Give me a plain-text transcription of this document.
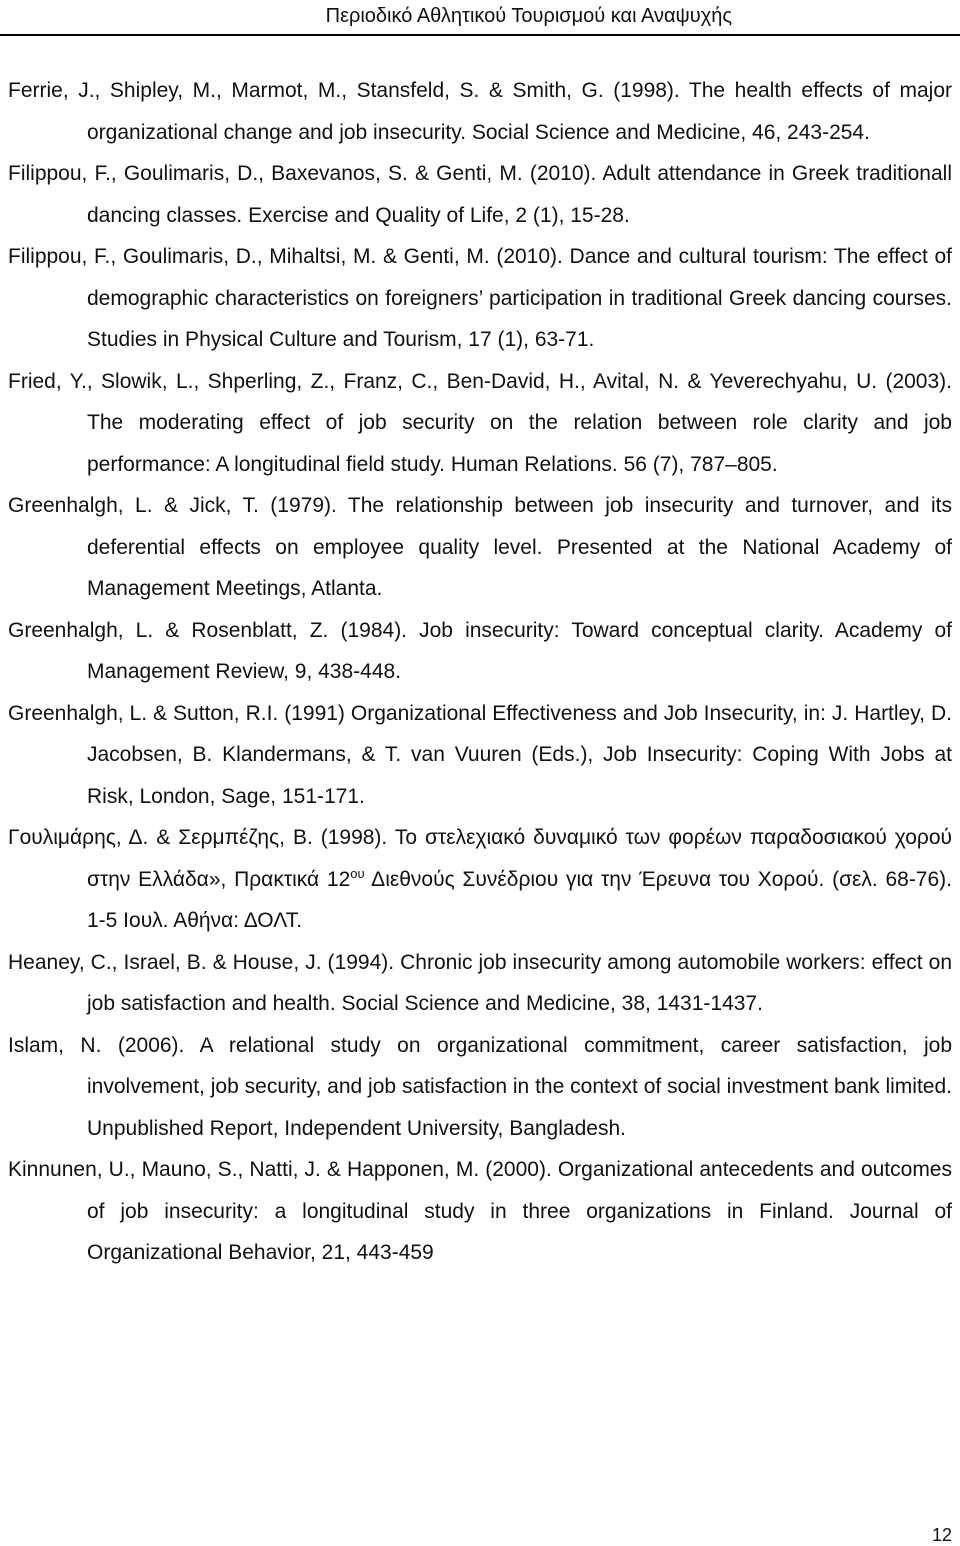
Περιοδικό Αθλητικού Τουρισμού και Αναψυχής
Ferrie, J., Shipley, M., Marmot, M., Stansfeld, S. & Smith, G. (1998). The health effects of major organizational change and job insecurity. Social Science and Medicine, 46, 243-254.
Filippou, F., Goulimaris, D., Baxevanos, S. & Genti, M. (2010). Adult attendance in Greek traditionall dancing classes. Exercise and Quality of Life, 2 (1), 15-28.
Filippou, F., Goulimaris, D., Mihaltsi, M. & Genti, M. (2010). Dance and cultural tourism: The effect of demographic characteristics on foreigners’ participation in traditional Greek dancing courses. Studies in Physical Culture and Tourism, 17 (1), 63-71.
Fried, Y., Slowik, L., Shperling, Z., Franz, C., Ben-David, H., Avital, N. & Yeverechyahu, U. (2003). The moderating effect of job security on the relation between role clarity and job performance: A longitudinal field study. Human Relations. 56 (7), 787–805.
Greenhalgh, L. & Jick, T. (1979). The relationship between job insecurity and turnover, and its deferential effects on employee quality level. Presented at the National Academy of Management Meetings, Atlanta.
Greenhalgh, L. & Rosenblatt, Z. (1984). Job insecurity: Toward conceptual clarity. Academy of Management Review, 9, 438-448.
Greenhalgh, L. & Sutton, R.I. (1991) Organizational Effectiveness and Job Insecurity, in: J. Hartley, D. Jacobsen, B. Klandermans, & T. van Vuuren (Eds.), Job Insecurity: Coping With Jobs at Risk, London, Sage, 151-171.
Γουλιμάρης, Δ. & Σερμπέζης, Β. (1998). Το στελεχιακό δυναμικό των φορέων παραδοσιακού χορού στην Ελλάδα», Πρακτικά $12^{o\upsilon}$ Διεθνούς Συνέδριου για την Έρευνα του Χορού. (σελ. 68-76). 1-5 Ιουλ. Αθήνα: ΔΟΛΤ.
Heaney, C., Israel, B. & House, J. (1994). Chronic job insecurity among automobile workers: effect on job satisfaction and health. Social Science and Medicine, 38, 1431-1437.
Islam, N. (2006). A relational study on organizational commitment, career satisfaction, job involvement, job security, and job satisfaction in the context of social investment bank limited. Unpublished Report, Independent University, Bangladesh.
Kinnunen, U., Mauno, S., Natti, J. & Happonen, M. (2000). Organizational antecedents and outcomes of job insecurity: a longitudinal study in three organizations in Finland. Journal of Organizational Behavior, 21, 443-459
12
